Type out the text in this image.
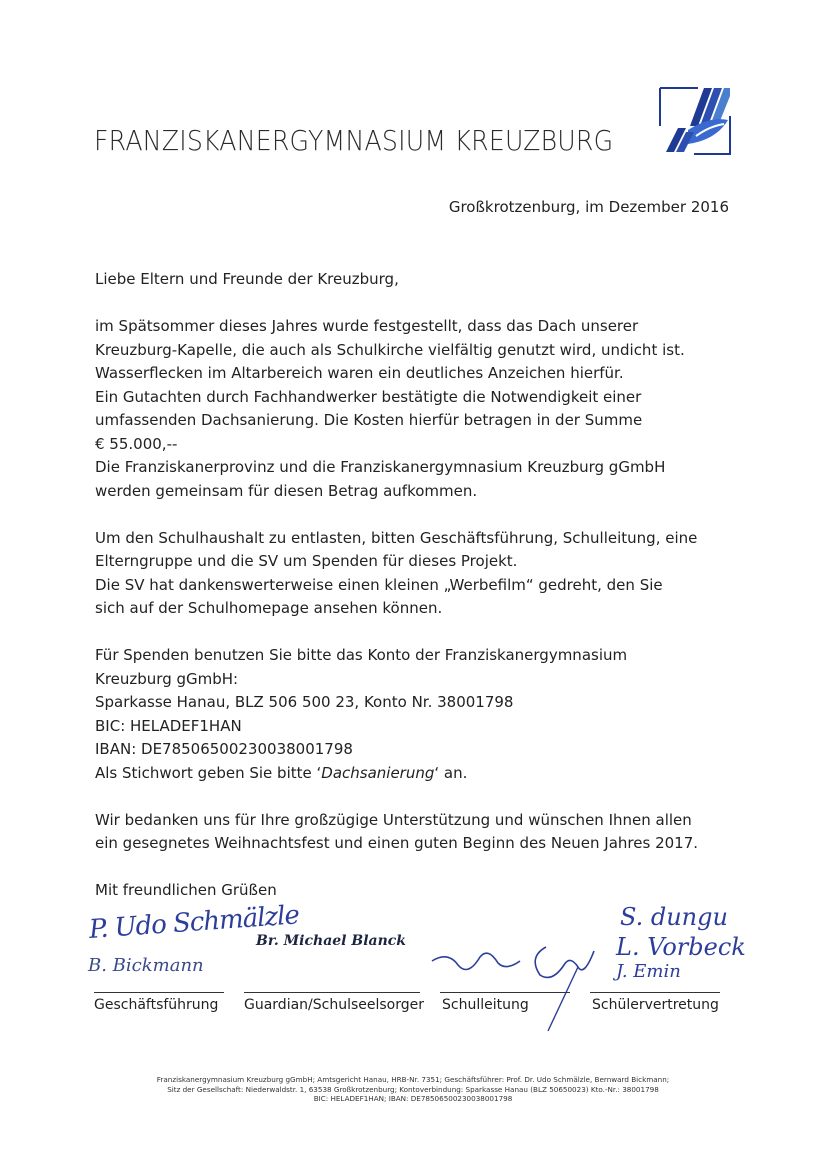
FRANZISKANERGYMNASIUM KREUZBURG
Großkrotzenburg, im Dezember 2016

Liebe Eltern und Freunde der Kreuzburg,

im Spätsommer dieses Jahres wurde festgestellt, dass das Dach unserer

Kreuzburg-Kapelle, die auch als Schulkirche vielfältig genutzt wird, undicht ist.

Wasserflecken im Altarbereich waren ein deutliches Anzeichen hierfür.

Ein Gutachten durch Fachhandwerker bestätigte die Notwendigkeit einer

umfassenden Dachsanierung. Die Kosten hierfür betragen in der Summe

€ 55.000,--

Die Franziskanerprovinz und die Franziskanergymnasium Kreuzburg gGmbH

werden gemeinsam für diesen Betrag aufkommen.

Um den Schulhaushalt zu entlasten, bitten Geschäftsführung, Schulleitung, eine

Elterngruppe und die SV um Spenden für dieses Projekt.

Die SV hat dankenswerterweise einen kleinen „Werbefilm“ gedreht, den Sie

sich auf der Schulhomepage ansehen können.

Für Spenden benutzen Sie bitte das Konto der Franziskanergymnasium

Kreuzburg gGmbH:

Sparkasse Hanau, BLZ 506 500 23, Konto Nr. 38001798

BIC: HELADEF1HAN

IBAN: DE78506500230038001798

Als Stichwort geben Sie bitte ‘Dachsanierung‘ an.

Wir bedanken uns für Ihre großzügige Unterstützung und wünschen Ihnen allen

ein gesegnetes Weihnachtsfest und einen guten Beginn des Neuen Jahres 2017.

Mit freundlichen Grüßen

P. Udo Schmälzle
B. Bickmann
Br. Michael Blanck
S. dungu
L. Vorbeck
J. Emin
Geschäftsführung Guardian/Schulseelsorger Schulleitung	Schülervertretung
Franziskanergymnasium Kreuzburg gGmbH; Amtsgericht Hanau, HRB-Nr. 7351; Geschäftsführer: Prof. Dr. Udo Schmälzle, Bernward Bickmann;
Sitz der Gesellschaft: Niederwaldstr. 1, 63538 Großkrotzenburg; Kontoverbindung: Sparkasse Hanau (BLZ 50650023) Kto.-Nr.: 38001798
BIC: HELADEF1HAN; IBAN: DE78506500230038001798
